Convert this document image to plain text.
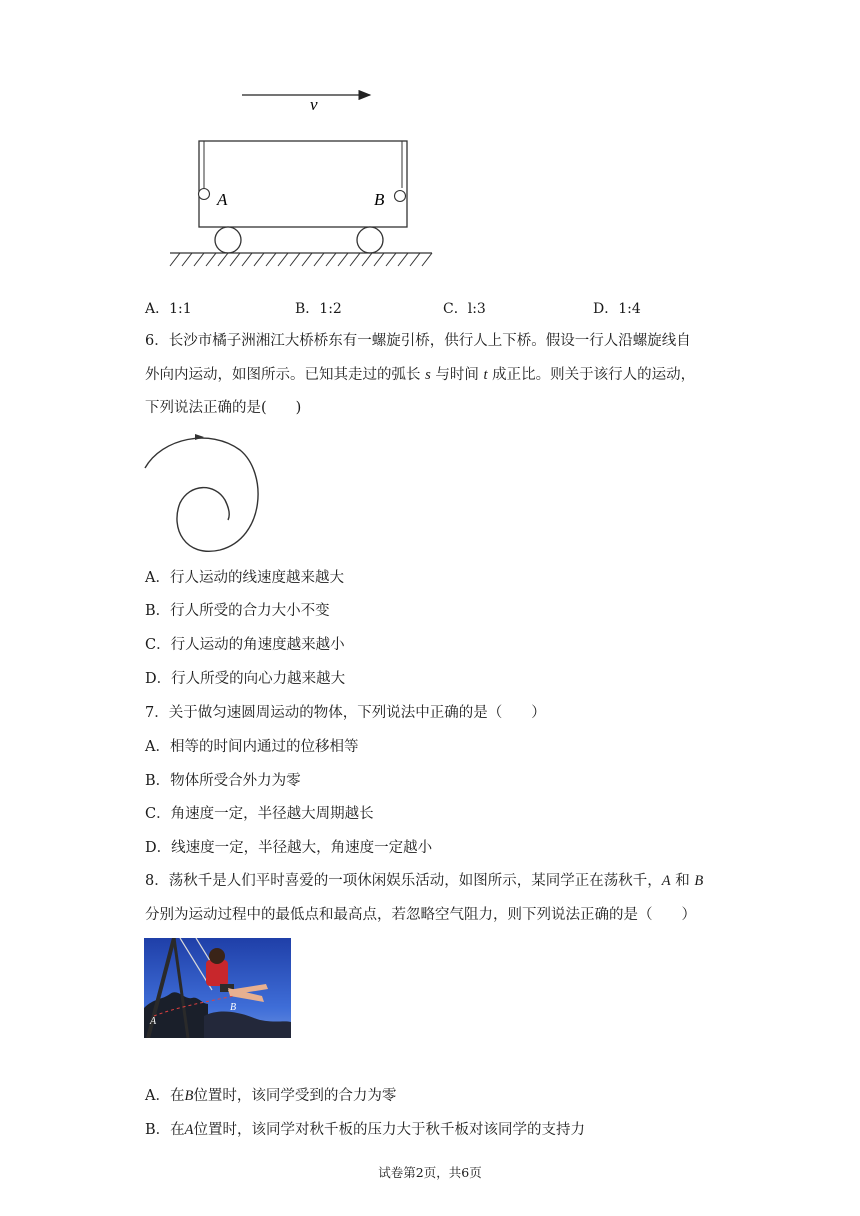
v
A	B
A．1:1	B．1:2	C．l:3	D．1:4
6．长沙市橘子洲湘江大桥桥东有一螺旋引桥，供行人上下桥。假设一行人沿螺旋线自
外向内运动，如图所示。已知其走过的弧长 s 与时间 t 成正比。则关于该行人的运动，
下列说法正确的是(　　)
A．行人运动的线速度越来越大
B．行人所受的合力大小不变
C．行人运动的角速度越来越小
D．行人所受的向心力越来越大
7．关于做匀速圆周运动的物体，下列说法中正确的是（　　）
A．相等的时间内通过的位移相等
B．物体所受合外力为零
C．角速度一定，半径越大周期越长
D．线速度一定，半径越大，角速度一定越小
8．荡秋千是人们平时喜爱的一项休闲娱乐活动，如图所示，某同学正在荡秋千，A 和 B
分别为运动过程中的最低点和最高点，若忽略空气阻力，则下列说法正确的是（　　）
A
B
A．在B位置时，该同学受到的合力为零
B．在A位置时，该同学对秋千板的压力大于秋千板对该同学的支持力
试卷第2页，共6页
